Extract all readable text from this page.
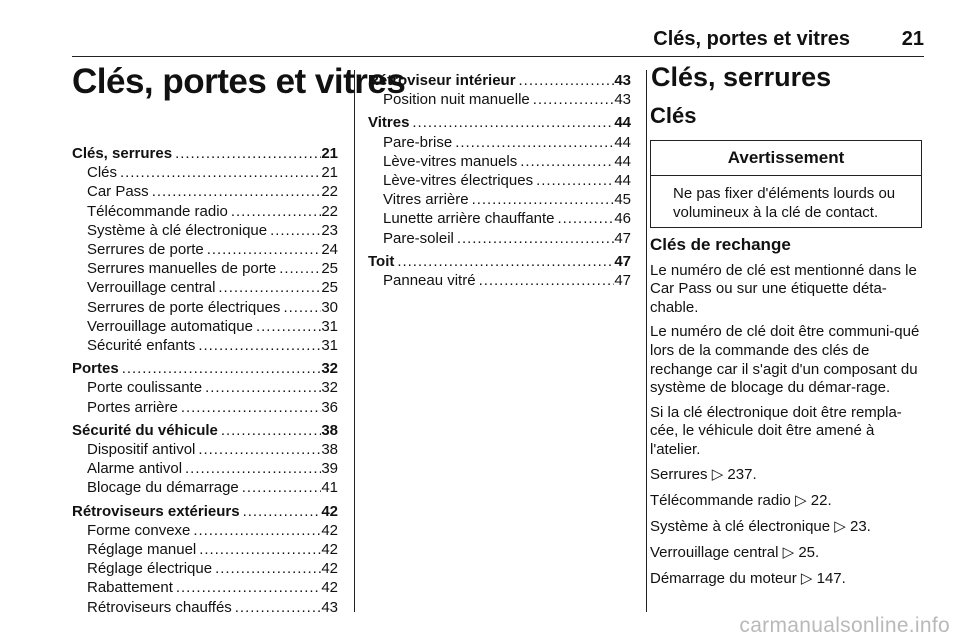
Clés, portes et vitres	21
Clés, portes et vitres
Clés, serrures . . .	21
Clés . . .	21
Car Pass . . .	22
Télécommande radio . . .	22
Système à clé électronique . . .	23
Serrures de porte . . .	24
Serrures manuelles de porte . . .	25
Verrouillage central . . .	25
Serrures de porte électriques . . .	30
Verrouillage automatique . . .	31
Sécurité enfants . . .	31
Portes . . .	32
Porte coulissante . . .	32
Portes arrière . . .	36
Sécurité du véhicule . . .	38
Dispositif antivol . . .	38
Alarme antivol . . .	39
Blocage du démarrage . . .	41
Rétroviseurs extérieurs . . .	42
Forme convexe . . .	42
Réglage manuel . . .	42
Réglage électrique . . .	42
Rabattement . . .	42
Rétroviseurs chauffés . . .	43
Rétroviseur intérieur . . .	43
Position nuit manuelle . . .	43
Vitres . . .	44
Pare-brise . . .	44
Lève-vitres manuels . . .	44
Lève-vitres électriques . . .	44
Vitres arrière . . .	45
Lunette arrière chauffante . . .	46
Pare-soleil . . .	47
Toit . . .	47
Panneau vitré . . .	47
Clés, serrures
Clés
Avertissement
Ne pas fixer d'éléments lourds ou volumineux à la clé de contact.
Clés de rechange

Le numéro de clé est mentionné dans le Car Pass ou sur une étiquette déta-chable.

Le numéro de clé doit être communi-qué lors de la commande des clés de rechange car il s'agit d'un composant du système de blocage du démar-rage.

Si la clé électronique doit être rempla-cée, le véhicule doit être amené à l'atelier.

Serrures ▷ 237.
Télécommande radio ▷ 22.
Système à clé électronique ▷ 23.
Verrouillage central ▷ 25.
Démarrage du moteur ▷ 147.
carmanualsonline.info
